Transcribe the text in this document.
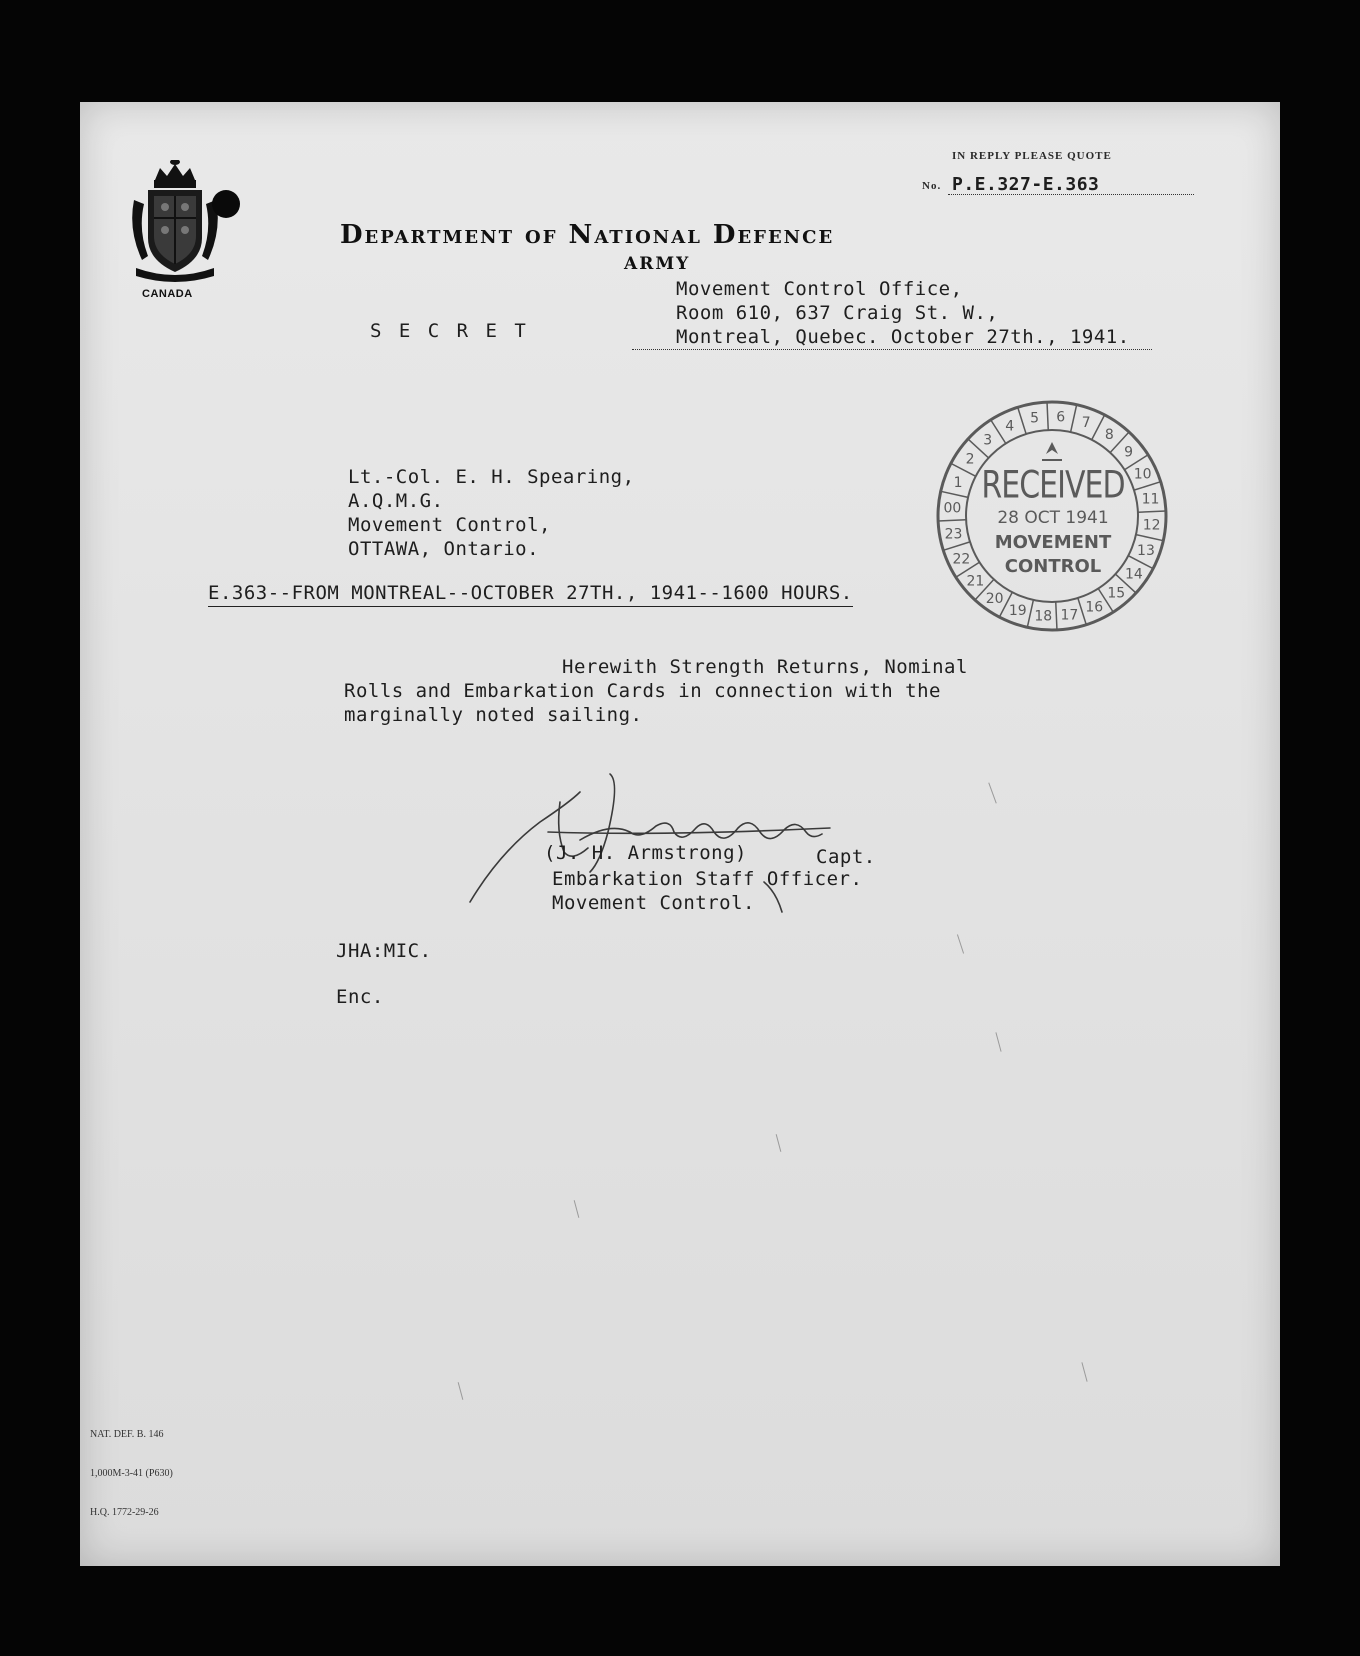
IN REPLY PLEASE QUOTE
No. P.E.327-E.363
CANADA
Department of National Defence
ARMY
Movement Control Office,
Room 610, 637 Craig St. W.,
Montreal, Quebec. October 27th., 1941.
S E C R E T
1
2
3
4 5 6 7
8
9
10
11
12
13
14
15
16
17
18
19
20
21
22
23
00
RECEIVED
28 OCT 1941
MOVEMENT
CONTROL
Lt.-Col. E. H. Spearing,
A.Q.M.G.
Movement Control,
OTTAWA, Ontario.
E.363--FROM MONTREAL--OCTOBER 27TH., 1941--1600 HOURS.
Herewith Strength Returns, Nominal
Rolls and Embarkation Cards in connection with the
marginally noted sailing.
(J. H. Armstrong)	Capt.
Embarkation Staff Officer.
Movement Control.
JHA:MIC.
Enc.

NAT. DEF. B. 146

1,000M-3-41 (P630)

H.Q. 1772-29-26
